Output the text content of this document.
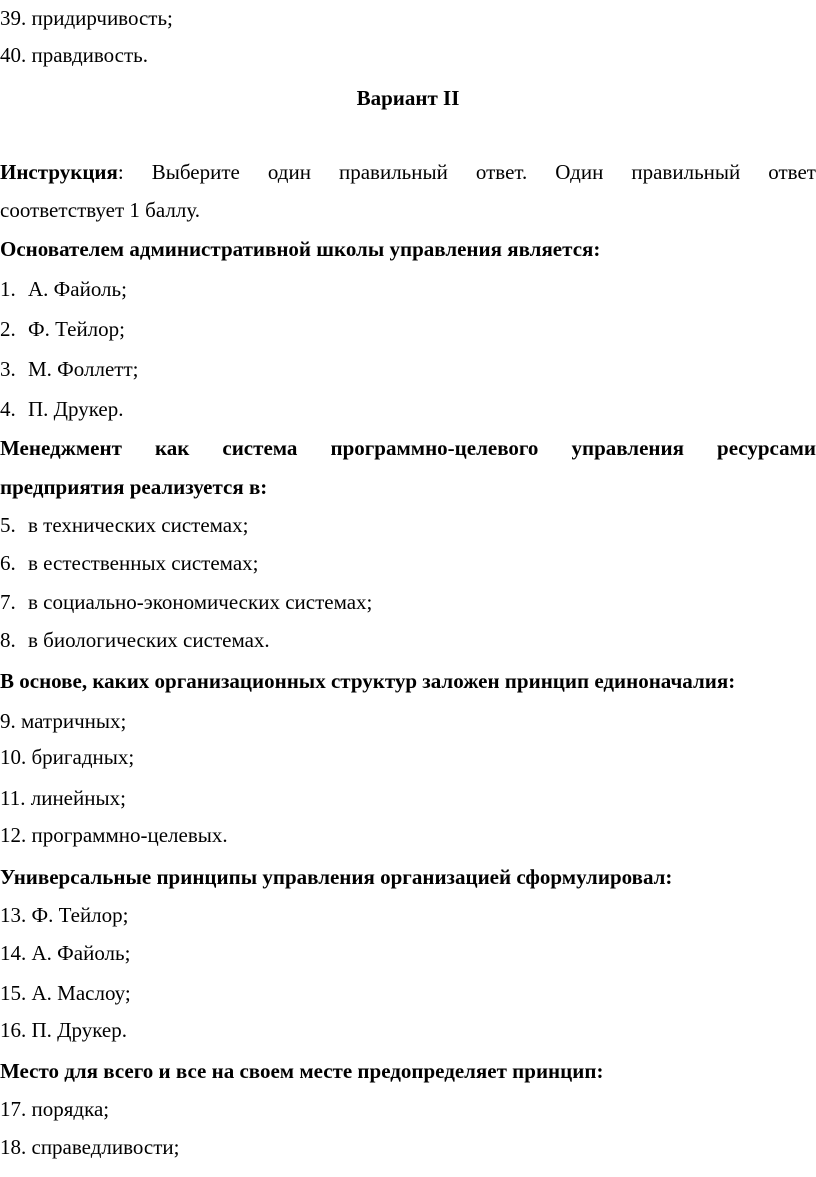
39. придирчивость;
40. правдивость.
Вариант II
Инструкция: Выберите один правильный ответ. Один правильный ответ
соответствует 1 баллу.
Основателем административной школы управления является:
1. А. Файоль;
2. Ф. Тейлор;
3. М. Фоллетт;
4. П. Друкер.
Менеджмент как система программно-целевого управления ресурсами
предприятия реализуется в:
5. в технических системах;
6. в естественных системах;
7. в социально-экономических системах;
8. в биологических системах.
В основе, каких организационных структур заложен принцип единоначалия:
9. матричных;
10. бригадных;
11. линейных;
12. программно-целевых.
Универсальные принципы управления организацией сформулировал:
13. Ф. Тейлор;
14. А. Файоль;
15. А. Маслоу;
16. П. Друкер.
Место для всего и все на своем месте предопределяет принцип:
17. порядка;
18. справедливости;
